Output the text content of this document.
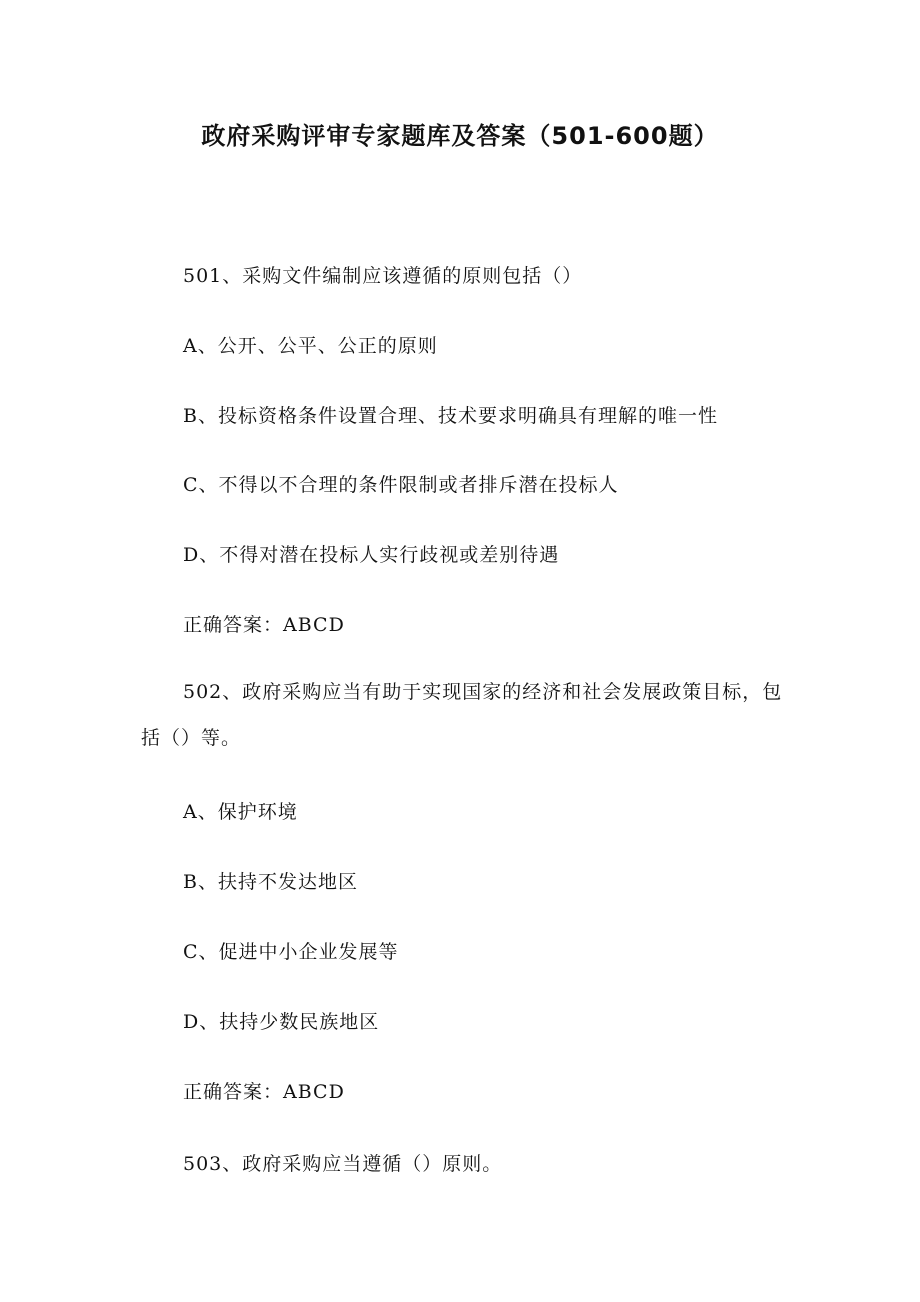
政府采购评审专家题库及答案（501-600题）
501、采购文件编制应该遵循的原则包括（）
A、公开、公平、公正的原则
B、投标资格条件设置合理、技术要求明确具有理解的唯一性
C、不得以不合理的条件限制或者排斥潜在投标人
D、不得对潜在投标人实行歧视或差别待遇
正确答案：ABCD
502、政府采购应当有助于实现国家的经济和社会发展政策目标，包括（）等。
A、保护环境
B、扶持不发达地区
C、促进中小企业发展等
D、扶持少数民族地区
正确答案：ABCD
503、政府采购应当遵循（）原则。
